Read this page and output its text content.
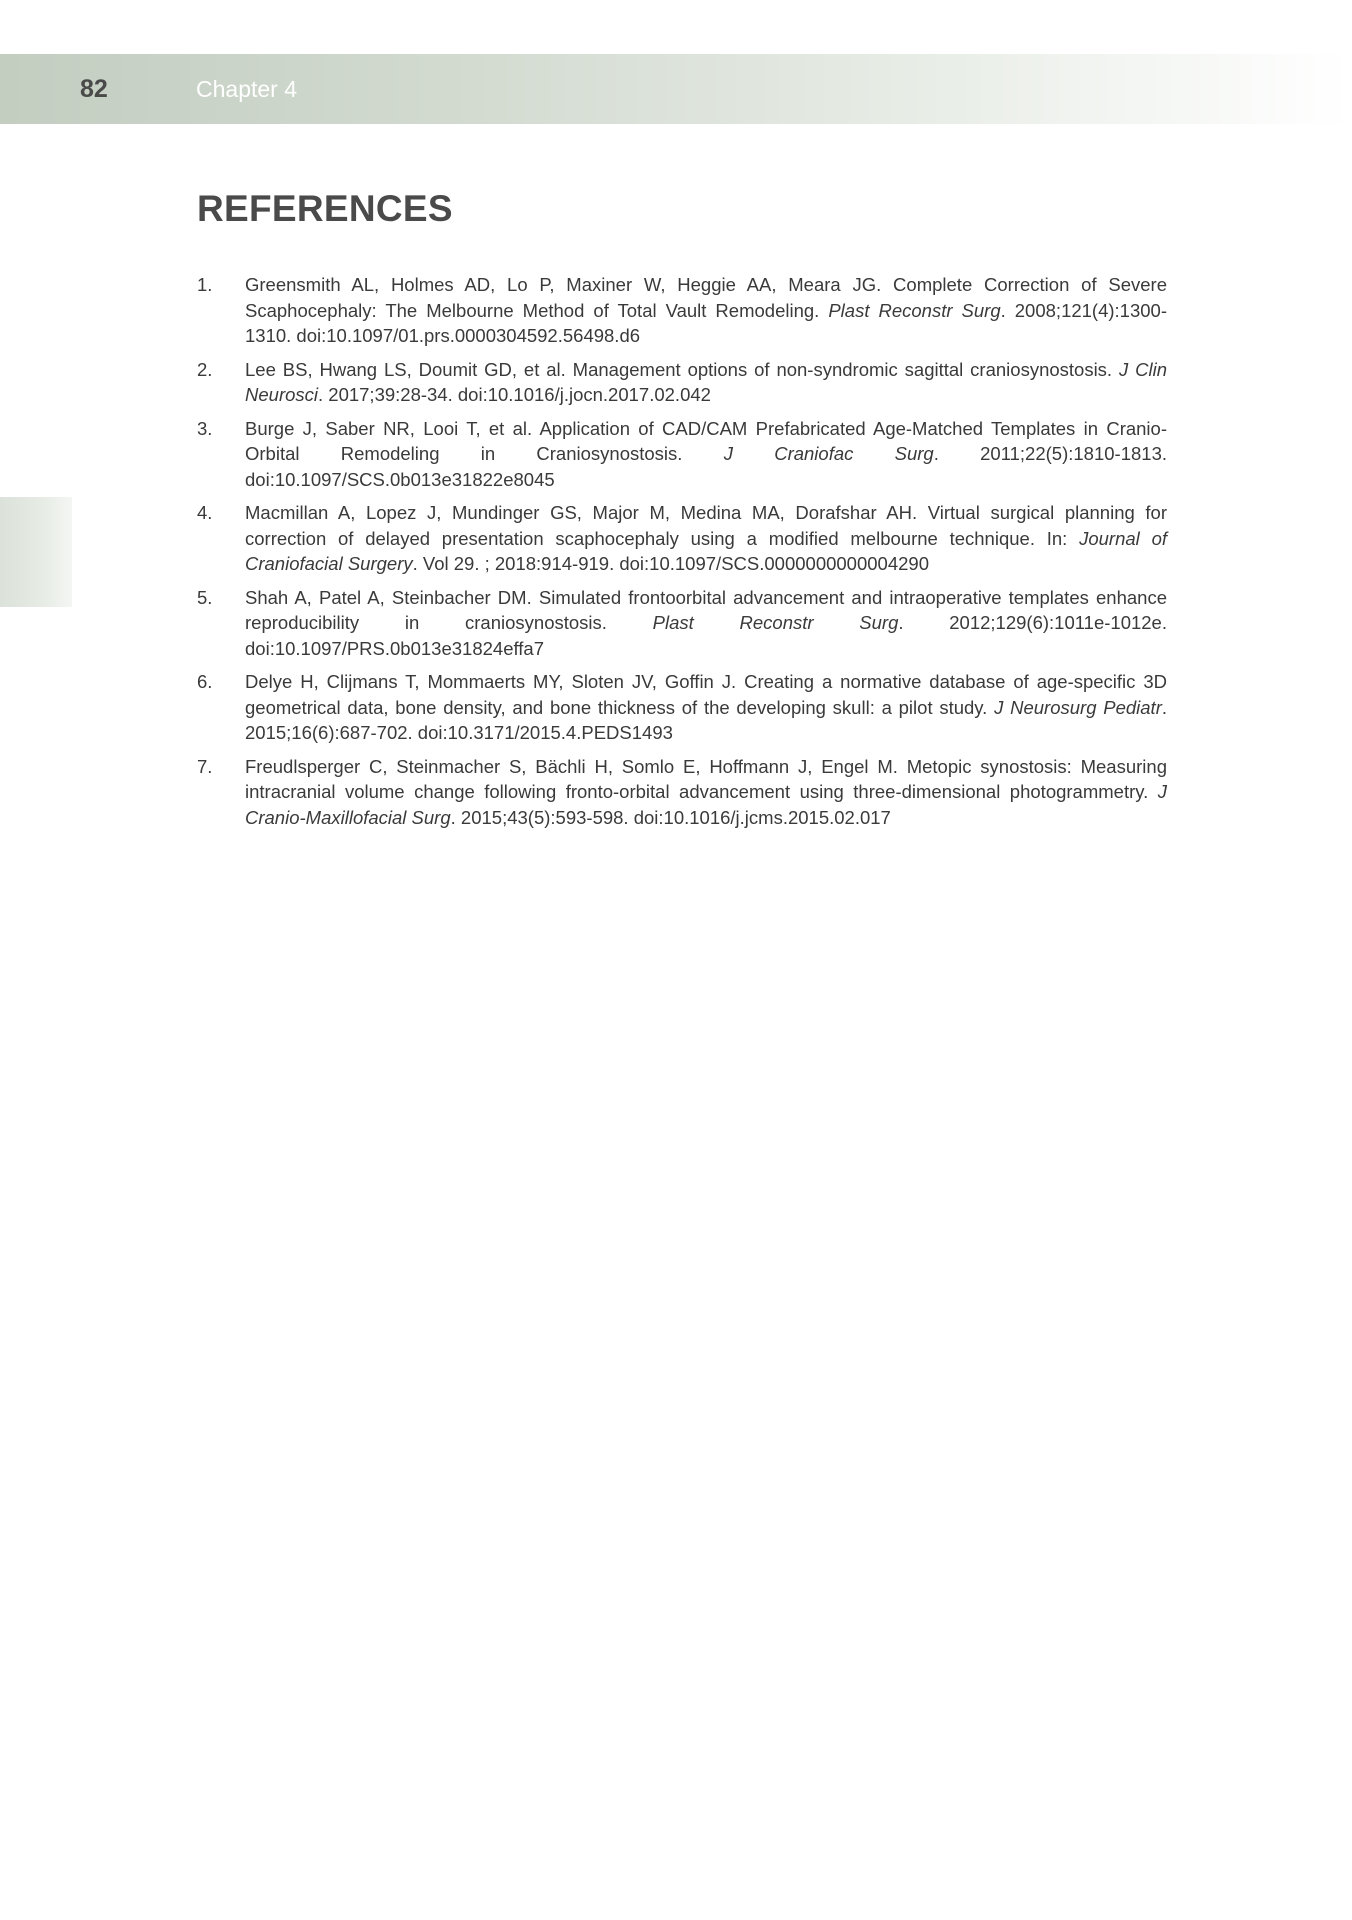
82	Chapter 4
REFERENCES
1. Greensmith AL, Holmes AD, Lo P, Maxiner W, Heggie AA, Meara JG. Complete Correction of Severe Scaphocephaly: The Melbourne Method of Total Vault Remodeling. Plast Reconstr Surg. 2008;121(4):1300-1310. doi:10.1097/01.prs.0000304592.56498.d6
2. Lee BS, Hwang LS, Doumit GD, et al. Management options of non-syndromic sagittal craniosynostosis. J Clin Neurosci. 2017;39:28-34. doi:10.1016/j.jocn.2017.02.042
3. Burge J, Saber NR, Looi T, et al. Application of CAD/CAM Prefabricated Age-Matched Templates in Cranio-Orbital Remodeling in Craniosynostosis. J Craniofac Surg. 2011;22(5):1810-1813. doi:10.1097/SCS.0b013e31822e8045
4. Macmillan A, Lopez J, Mundinger GS, Major M, Medina MA, Dorafshar AH. Virtual surgical planning for correction of delayed presentation scaphocephaly using a modified melbourne technique. In: Journal of Craniofacial Surgery. Vol 29. ; 2018:914-919. doi:10.1097/SCS.0000000000004290
5. Shah A, Patel A, Steinbacher DM. Simulated frontoorbital advancement and intraoperative templates enhance reproducibility in craniosynostosis. Plast Reconstr Surg. 2012;129(6):1011e-1012e. doi:10.1097/PRS.0b013e31824effa7
6. Delye H, Clijmans T, Mommaerts MY, Sloten JV, Goffin J. Creating a normative database of age-specific 3D geometrical data, bone density, and bone thickness of the developing skull: a pilot study. J Neurosurg Pediatr. 2015;16(6):687-702. doi:10.3171/2015.4.PEDS1493
7. Freudlsperger C, Steinmacher S, Bächli H, Somlo E, Hoffmann J, Engel M. Metopic synostosis: Measuring intracranial volume change following fronto-orbital advancement using three-dimensional photogrammetry. J Cranio-Maxillofacial Surg. 2015;43(5):593-598. doi:10.1016/j.jcms.2015.02.017
